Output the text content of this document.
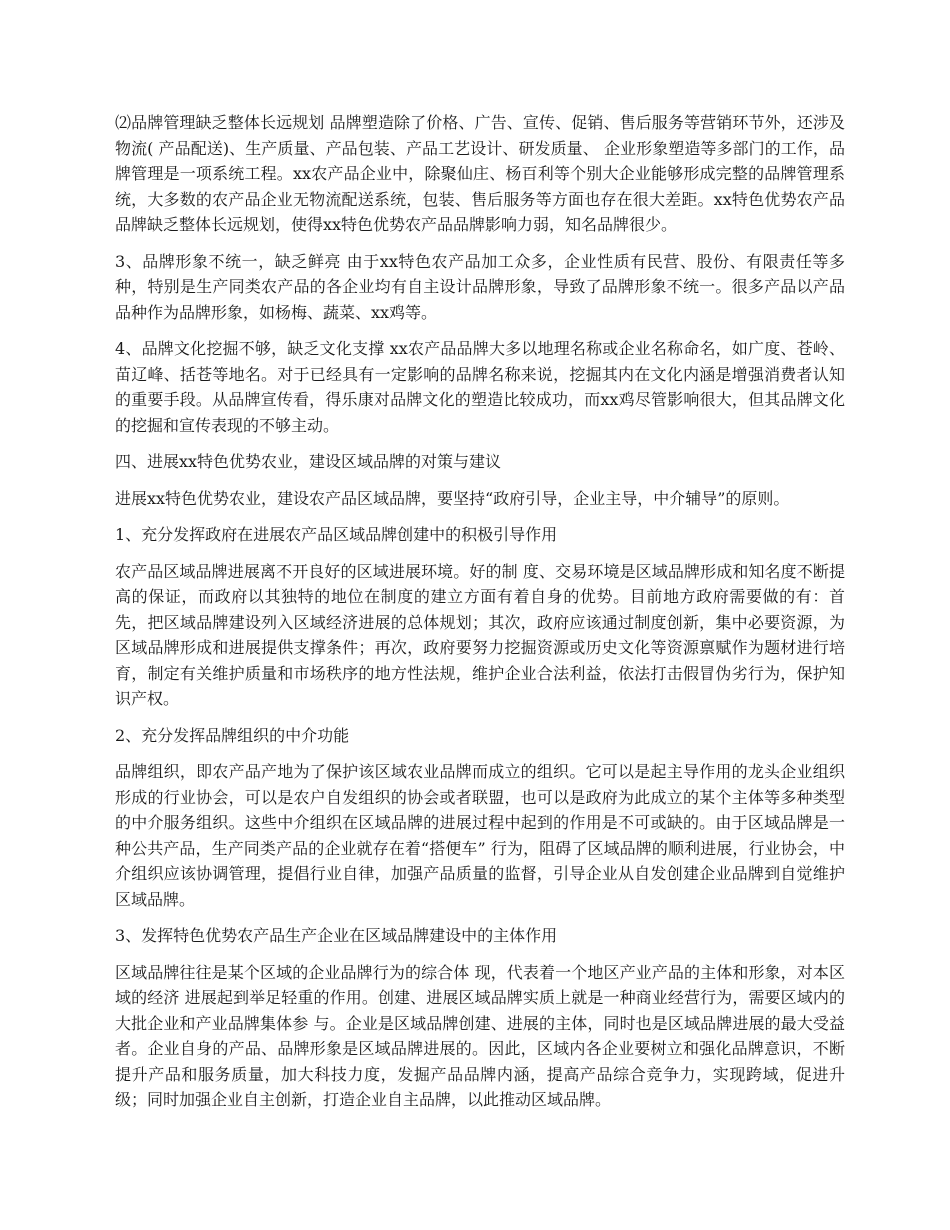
⑵品牌管理缺乏整体长远规划 品牌塑造除了价格、广告、宣传、促销、售后服务等营销环节外，还涉及物流( 产品配送)、生产质量、产品包装、产品工艺设计、研发质量、 企业形象塑造等多部门的工作，品牌管理是一项系统工程。xx农产品企业中，除聚仙庄、杨百利等个别大企业能够形成完整的品牌管理系统，大多数的农产品企业无物流配送系统，包装、售后服务等方面也存在很大差距。xx特色优势农产品品牌缺乏整体长远规划，使得xx特色优势农产品品牌影响力弱，知名品牌很少。

3、品牌形象不统一，缺乏鲜亮 由于xx特色农产品加工众多，企业性质有民营、股份、有限责任等多种，特别是生产同类农产品的各企业均有自主设计品牌形象，导致了品牌形象不统一。很多产品以产品品种作为品牌形象，如杨梅、蔬菜、xx鸡等。

4、品牌文化挖掘不够，缺乏文化支撑 xx农产品品牌大多以地理名称或企业名称命名，如广度、苍岭、苗辽峰、括苍等地名。对于已经具有一定影响的品牌名称来说，挖掘其内在文化内涵是增强消费者认知的重要手段。从品牌宣传看，得乐康对品牌文化的塑造比较成功，而xx鸡尽管影响很大，但其品牌文化的挖掘和宣传表现的不够主动。

四、进展xx特色优势农业，建设区域品牌的对策与建议

进展xx特色优势农业，建设农产品区域品牌，要坚持“政府引导，企业主导，中介辅导”的原则。

1、充分发挥政府在进展农产品区域品牌创建中的积极引导作用

农产品区域品牌进展离不开良好的区域进展环境。好的制 度、交易环境是区域品牌形成和知名度不断提高的保证，而政府以其独特的地位在制度的建立方面有着自身的优势。目前地方政府需要做的有：首先，把区域品牌建设列入区域经济进展的总体规划；其次，政府应该通过制度创新，集中必要资源，为区域品牌形成和进展提供支撑条件；再次，政府要努力挖掘资源或历史文化等资源禀赋作为题材进行培育，制定有关维护质量和市场秩序的地方性法规，维护企业合法利益，依法打击假冒伪劣行为，保护知识产权。

2、充分发挥品牌组织的中介功能

品牌组织，即农产品产地为了保护该区域农业品牌而成立的组织。它可以是起主导作用的龙头企业组织形成的行业协会，可以是农户自发组织的协会或者联盟，也可以是政府为此成立的某个主体等多种类型的中介服务组织。这些中介组织在区域品牌的进展过程中起到的作用是不可或缺的。由于区域品牌是一种公共产品，生产同类产品的企业就存在着“搭便车” 行为，阻碍了区域品牌的顺利进展，行业协会，中介组织应该协调管理，提倡行业自律，加强产品质量的监督，引导企业从自发创建企业品牌到自觉维护区域品牌。

3、发挥特色优势农产品生产企业在区域品牌建设中的主体作用

区域品牌往往是某个区域的企业品牌行为的综合体 现，代表着一个地区产业产品的主体和形象，对本区域的经济 进展起到举足轻重的作用。创建、进展区域品牌实质上就是一种商业经营行为，需要区域内的大批企业和产业品牌集体参 与。企业是区域品牌创建、进展的主体，同时也是区域品牌进展的最大受益者。企业自身的产品、品牌形象是区域品牌进展的。因此，区域内各企业要树立和强化品牌意识，不断提升产品和服务质量，加大科技力度，发掘产品品牌内涵，提高产品综合竞争力，实现跨域，促进升级；同时加强企业自主创新，打造企业自主品牌，以此推动区域品牌。
